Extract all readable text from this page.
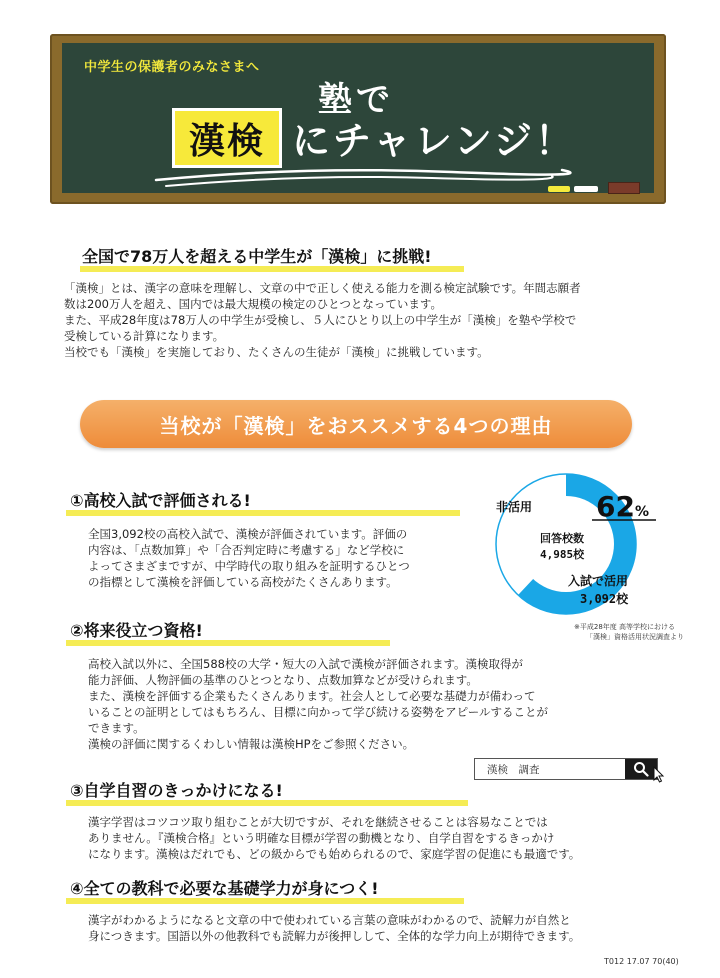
中学生の保護者のみなさまへ
塾で
漢検 にチャレンジ！
全国で78万人を超える中学生が「漢検」に挑戦!

「漢検」とは、漢字の意味を理解し、文章の中で正しく使える能力を測る検定試験です。年間志願者

数は200万人を超え、国内では最大規模の検定のひとつとなっています。

また、平成28年度は78万人の中学生が受検し、５人にひとり以上の中学生が「漢検」を塾や学校で

受検している計算になります。

当校でも「漢検」を実施しており、たくさんの生徒が「漢検」に挑戦しています。

当校が「漢検」をおススメする4つの理由
①高校入試で評価される!

全国3,092校の高校入試で、漢検が評価されています。評価の

内容は、「点数加算」や「合否判定時に考慮する」など学校に

よってさまざまですが、中学時代の取り組みを証明するひとつ

の指標として漢検を評価している高校がたくさんあります。

回答校数
4,985校
非活用 62%
入試で活用
3,092校
※平成28年度 高等学校における
「漢検」資格活用状況調査より
②将来役立つ資格!

高校入試以外に、全国588校の大学・短大の入試で漢検が評価されます。漢検取得が

能力評価、人物評価の基準のひとつとなり、点数加算などが受けられます。

また、漢検を評価する企業もたくさんあります。社会人として必要な基礎力が備わって

いることの証明としてはもちろん、目標に向かって学び続ける姿勢をアピールすることが

できます。

漢検の評価に関するくわしい情報は漢検HPをご参照ください。

漢検　調査
③自学自習のきっかけになる!

漢字学習はコツコツ取り組むことが大切ですが、それを継続させることは容易なことでは

ありません。『漢検合格』という明確な目標が学習の動機となり、自学自習をするきっかけ

になります。漢検はだれでも、どの級からでも始められるので、家庭学習の促進にも最適です。

④全ての教科で必要な基礎学力が身につく!

漢字がわかるようになると文章の中で使われている言葉の意味がわかるので、読解力が自然と

身につきます。国語以外の他教科でも読解力が後押しして、全体的な学力向上が期待できます。

T012 17.07 70(40)
